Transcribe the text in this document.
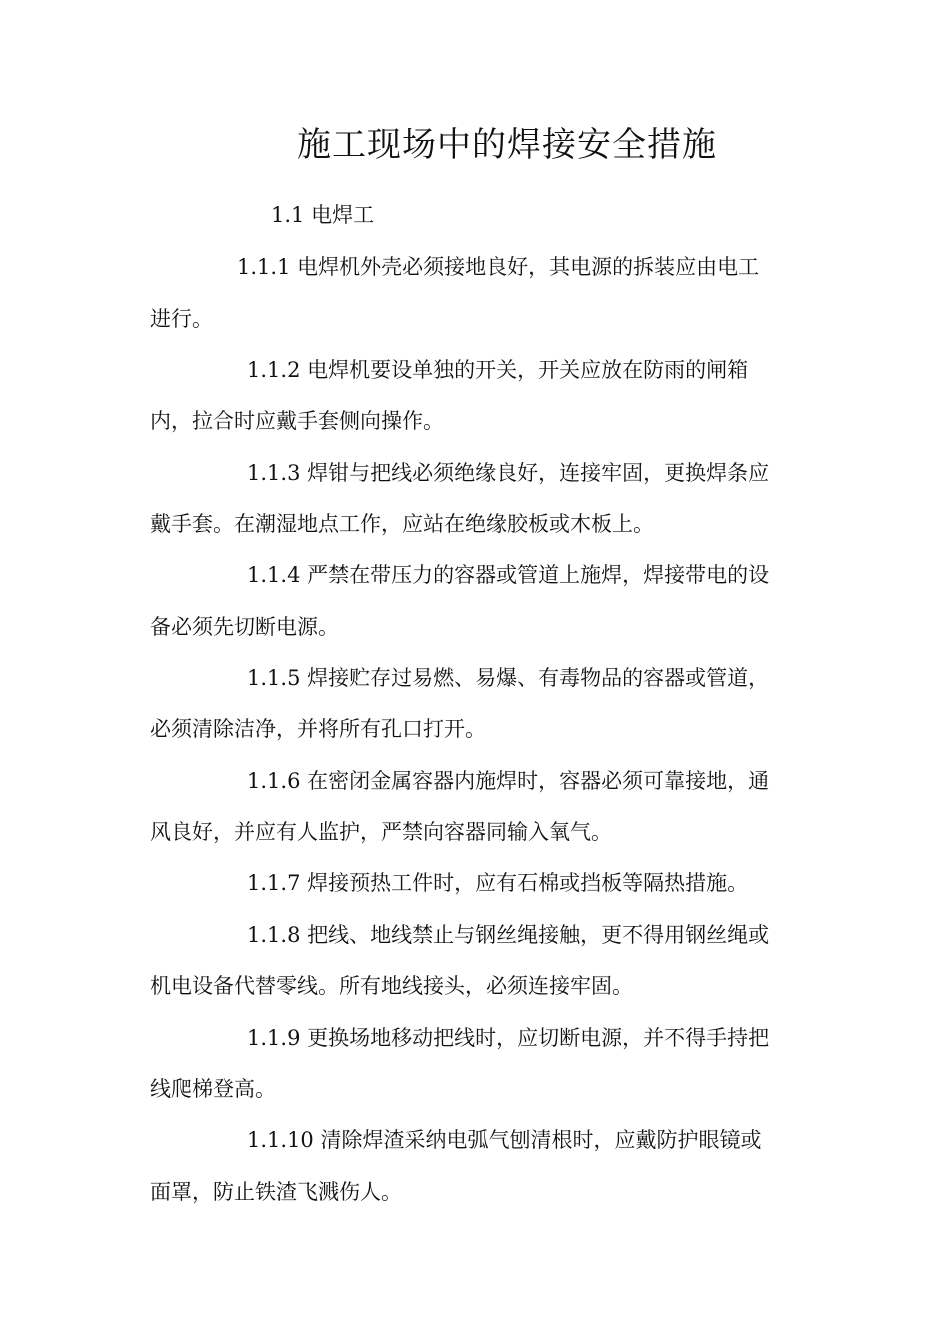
施工现场中的焊接安全措施
1.1 电焊工
1.1.1 电焊机外壳必须接地良好，其电源的拆装应由电工
进行。
1.1.2 电焊机要设单独的开关，开关应放在防雨的闸箱
内，拉合时应戴手套侧向操作。
1.1.3 焊钳与把线必须绝缘良好，连接牢固，更换焊条应
戴手套。在潮湿地点工作，应站在绝缘胶板或木板上。
1.1.4 严禁在带压力的容器或管道上施焊，焊接带电的设
备必须先切断电源。
1.1.5 焊接贮存过易燃、易爆、有毒物品的容器或管道，
必须清除洁净，并将所有孔口打开。
1.1.6 在密闭金属容器内施焊时，容器必须可靠接地，通
风良好，并应有人监护，严禁向容器同输入氧气。
1.1.7 焊接预热工件时，应有石棉或挡板等隔热措施。
1.1.8 把线、地线禁止与钢丝绳接触，更不得用钢丝绳或
机电设备代替零线。所有地线接头，必须连接牢固。
1.1.9 更换场地移动把线时，应切断电源，并不得手持把
线爬梯登高。
1.1.10 清除焊渣采纳电弧气刨清根时，应戴防护眼镜或
面罩，防止铁渣飞溅伤人。
